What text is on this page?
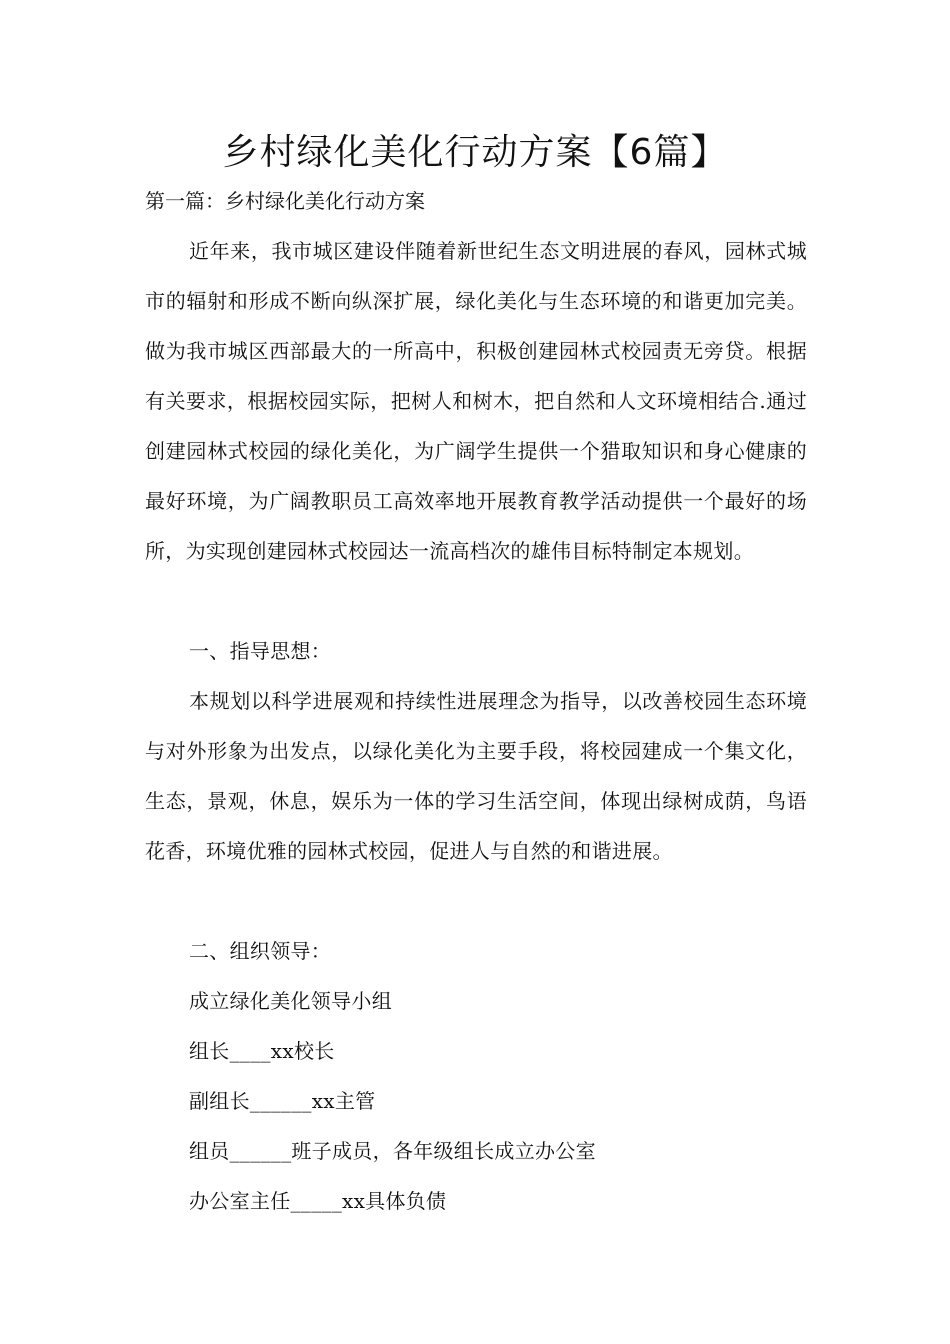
乡村绿化美化行动方案【6篇】
第一篇：乡村绿化美化行动方案

近年来，我市城区建设伴随着新世纪生态文明进展的春风，园林式城市的辐射和形成不断向纵深扩展，绿化美化与生态环境的和谐更加完美。做为我市城区西部最大的一所高中，积极创建园林式校园责无旁贷。根据有关要求，根据校园实际，把树人和树木，把自然和人文环境相结合.通过创建园林式校园的绿化美化，为广阔学生提供一个猎取知识和身心健康的最好环境，为广阔教职员工高效率地开展教育教学活动提供一个最好的场所，为实现创建园林式校园达一流高档次的雄伟目标特制定本规划。

一、指导思想：

本规划以科学进展观和持续性进展理念为指导，以改善校园生态环境与对外形象为出发点，以绿化美化为主要手段，将校园建成一个集文化，生态，景观，休息，娱乐为一体的学习生活空间，体现出绿树成荫，鸟语花香，环境优雅的园林式校园，促进人与自然的和谐进展。

二、组织领导：

成立绿化美化领导小组

组长____xx校长

副组长______xx主管

组员______班子成员，各年级组长成立办公室

办公室主任_____xx具体负债
